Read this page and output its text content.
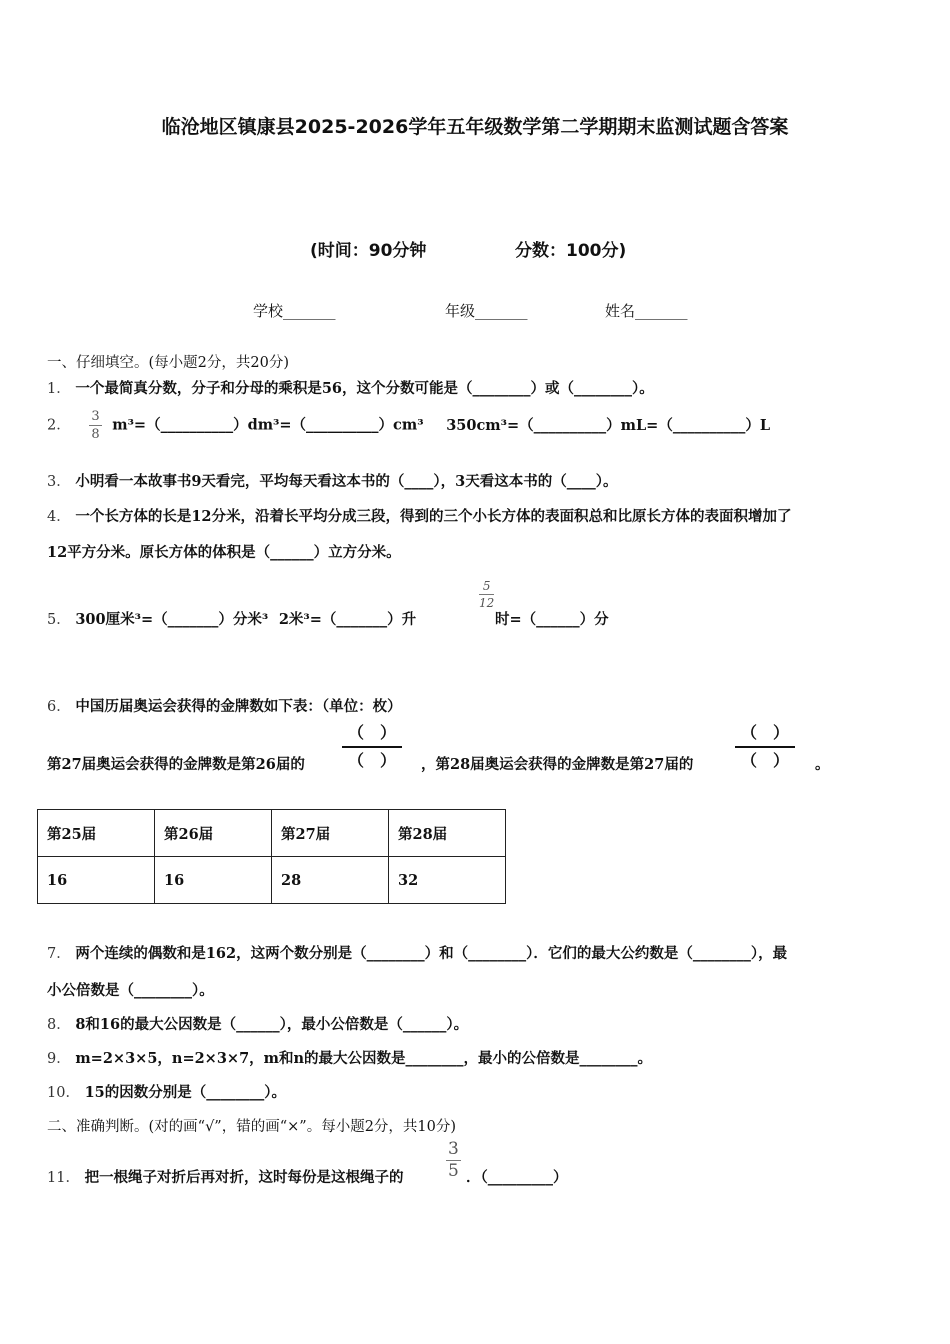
临沧地区镇康县2025-2026学年五年级数学第二学期期末监测试题含答案
(时间：90分钟	分数：100分)
学校_______	年级_______	姓名_______
一、仔细填空。(每小题2分，共20分)
1． 一个最简真分数，分子和分母的乘积是56，这个分数可能是（________）或（________）。
2． $\frac{3}{8}$ m³=（__________）dm³=（__________）cm³ 350cm³=（__________）mL=（__________）L
3． 小明看一本故事书9天看完，平均每天看这本书的（____），3天看这本书的（____）。
4． 一个长方体的长是12分米，沿着长平均分成三段，得到的三个小长方体的表面积总和比原长方体的表面积增加了
12平方分米。原长方体的体积是（______）立方分米。
5． 300厘米³=（_______）分米³ 2米³=（_______）升
$\frac{5}{12}$
时=（______）分
6． 中国历届奥运会获得的金牌数如下表：（单位：枚）
第27届奥运会获得的金牌数是第26届的
（　）
（　）	，第28届奥运会获得的金牌数是第27届的
（　）
（　）	。
第25届	第26届	第27届	第28届
16	16	28	32
7． 两个连续的偶数和是162，这两个数分别是（________）和（________）．它们的最大公约数是（________），最
小公倍数是（________）。
8． 8和16的最大公因数是（______），最小公倍数是（______）。
9． m=2×3×5，n=2×3×7，m和n的最大公因数是________，最小的公倍数是________。
10． 15的因数分别是（________）。
二、准确判断。(对的画“√”，错的画“×”。每小题2分，共10分)
11． 把一根绳子对折后再对折，这时每份是这根绳子的 $\frac{3}{5}$ ．（_________）
